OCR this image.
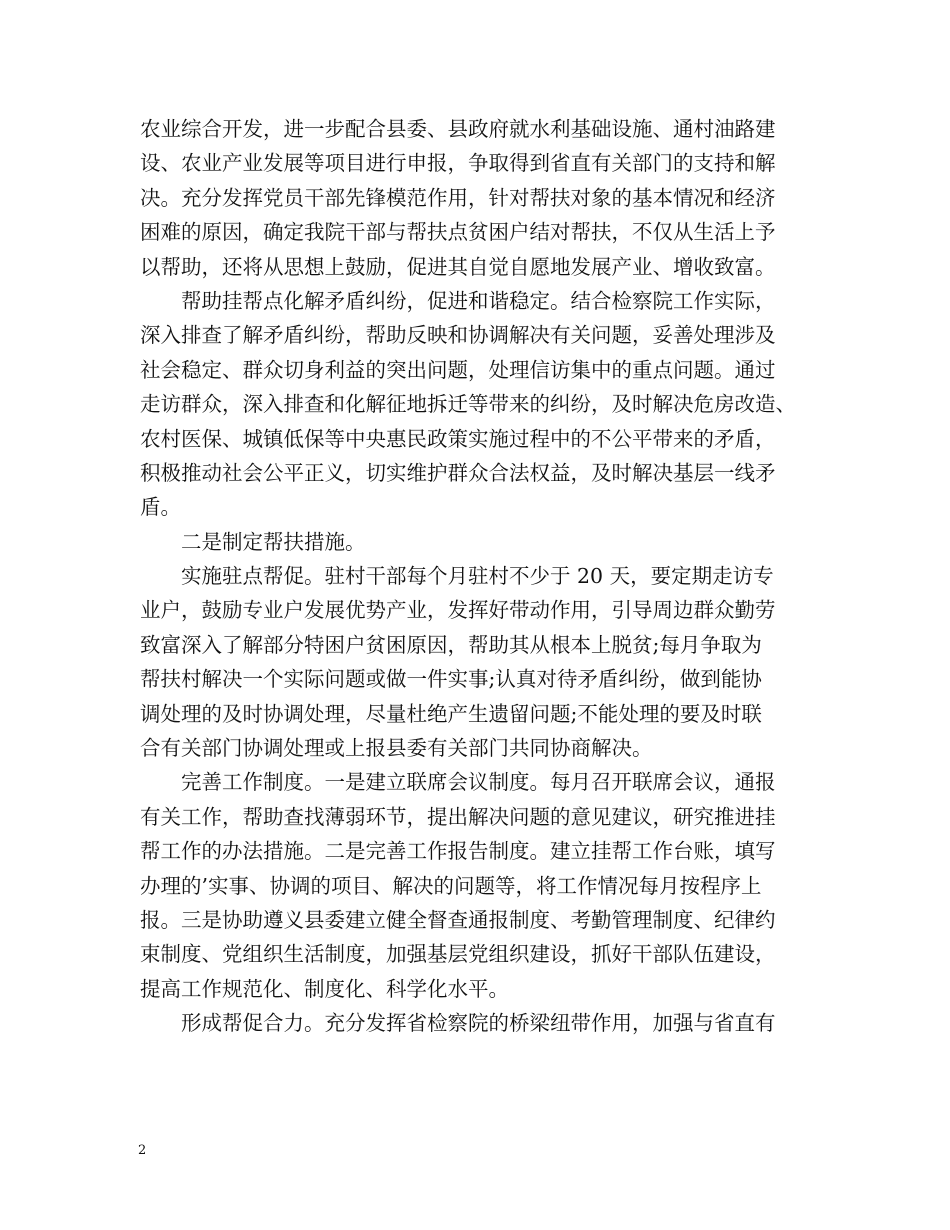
农业综合开发，进一步配合县委、县政府就水利基础设施、通村油路建
设、农业产业发展等项目进行申报，争取得到省直有关部门的支持和解
决。充分发挥党员干部先锋模范作用，针对帮扶对象的基本情况和经济
困难的原因，确定我院干部与帮扶点贫困户结对帮扶，不仅从生活上予
以帮助，还将从思想上鼓励，促进其自觉自愿地发展产业、增收致富。
　　帮助挂帮点化解矛盾纠纷，促进和谐稳定。结合检察院工作实际，
深入排查了解矛盾纠纷，帮助反映和协调解决有关问题，妥善处理涉及
社会稳定、群众切身利益的突出问题，处理信访集中的重点问题。通过
走访群众，深入排查和化解征地拆迁等带来的纠纷，及时解决危房改造、
农村医保、城镇低保等中央惠民政策实施过程中的不公平带来的矛盾，
积极推动社会公平正义，切实维护群众合法权益，及时解决基层一线矛
盾。
　　二是制定帮扶措施。
　　实施驻点帮促。驻村干部每个月驻村不少于 20 天，要定期走访专
业户，鼓励专业户发展优势产业，发挥好带动作用，引导周边群众勤劳
致富深入了解部分特困户贫困原因，帮助其从根本上脱贫;每月争取为
帮扶村解决一个实际问题或做一件实事;认真对待矛盾纠纷，做到能协
调处理的及时协调处理，尽量杜绝产生遗留问题;不能处理的要及时联
合有关部门协调处理或上报县委有关部门共同协商解决。
　　完善工作制度。一是建立联席会议制度。每月召开联席会议，通报
有关工作，帮助查找薄弱环节，提出解决问题的意见建议，研究推进挂
帮工作的办法措施。二是完善工作报告制度。建立挂帮工作台账，填写
办理的’实事、协调的项目、解决的问题等，将工作情况每月按程序上
报。三是协助遵义县委建立健全督查通报制度、考勤管理制度、纪律约
束制度、党组织生活制度，加强基层党组织建设，抓好干部队伍建设，
提高工作规范化、制度化、科学化水平。
　　形成帮促合力。充分发挥省检察院的桥梁纽带作用，加强与省直有
2
